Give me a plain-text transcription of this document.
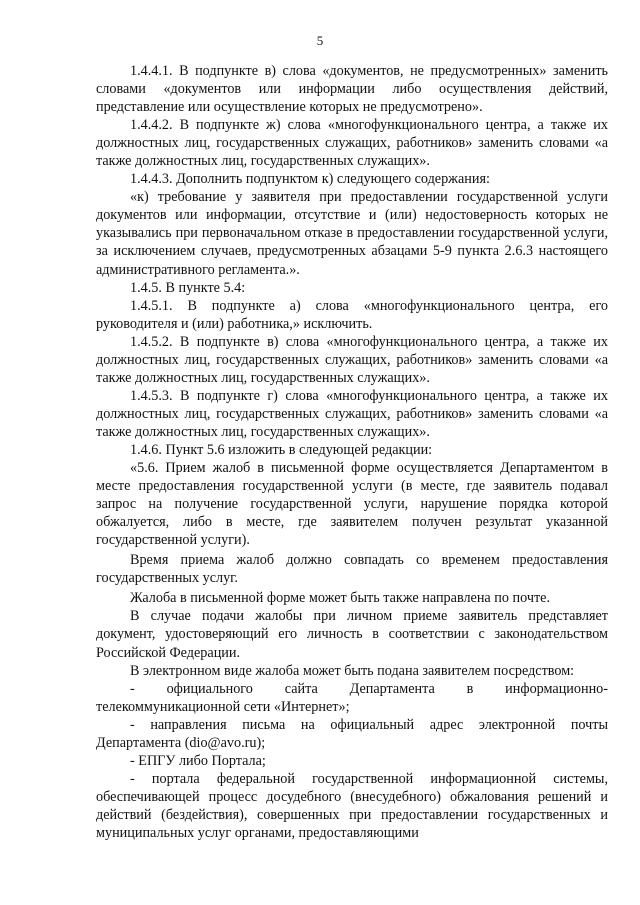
5

1.4.4.1. В подпункте в) слова «документов, не предусмотренных» заменить словами «документов или информации либо осуществления действий, представление или осуществление которых не предусмотрено».

1.4.4.2. В подпункте ж) слова «многофункционального центра, а также их должностных лиц, государственных служащих, работников» заменить словами «а также должностных лиц, государственных служащих».

1.4.4.3. Дополнить подпунктом к) следующего содержания:

«к) требование у заявителя при предоставлении государственной услуги документов или информации, отсутствие и (или) недостоверность которых не указывались при первоначальном отказе в предоставлении государственной услуги, за исключением случаев, предусмотренных абзацами 5-9 пункта 2.6.3 настоящего административного регламента.».

1.4.5. В пункте 5.4:

1.4.5.1. В подпункте а) слова «многофункционального центра, его руководителя и (или) работника,» исключить.

1.4.5.2. В подпункте в) слова «многофункционального центра, а также их должностных лиц, государственных служащих, работников» заменить словами «а также должностных лиц, государственных служащих».

1.4.5.3. В подпункте г) слова «многофункционального центра, а также их должностных лиц, государственных служащих, работников» заменить словами «а также должностных лиц, государственных служащих».

1.4.6. Пункт 5.6 изложить в следующей редакции:

«5.6. Прием жалоб в письменной форме осуществляется Департаментом в месте предоставления государственной услуги (в месте, где заявитель подавал запрос на получение государственной услуги, нарушение порядка которой обжалуется, либо в месте, где заявителем получен результат указанной государственной услуги).

Время приема жалоб должно совпадать со временем предоставления государственных услуг.

Жалоба в письменной форме может быть также направлена по почте.

В случае подачи жалобы при личном приеме заявитель представляет документ, удостоверяющий его личность в соответствии с законодательством Российской Федерации.

В электронном виде жалоба может быть подана заявителем посредством:

- официального сайта Департамента в информационно-телекоммуникационной сети «Интернет»;

- направления письма на официальный адрес электронной почты Департамента (dio@avo.ru);

- ЕПГУ либо Портала;

- портала федеральной государственной информационной системы, обеспечивающей процесс досудебного (внесудебного) обжалования решений и действий (бездействия), совершенных при предоставлении государственных и муниципальных услуг органами, предоставляющими
